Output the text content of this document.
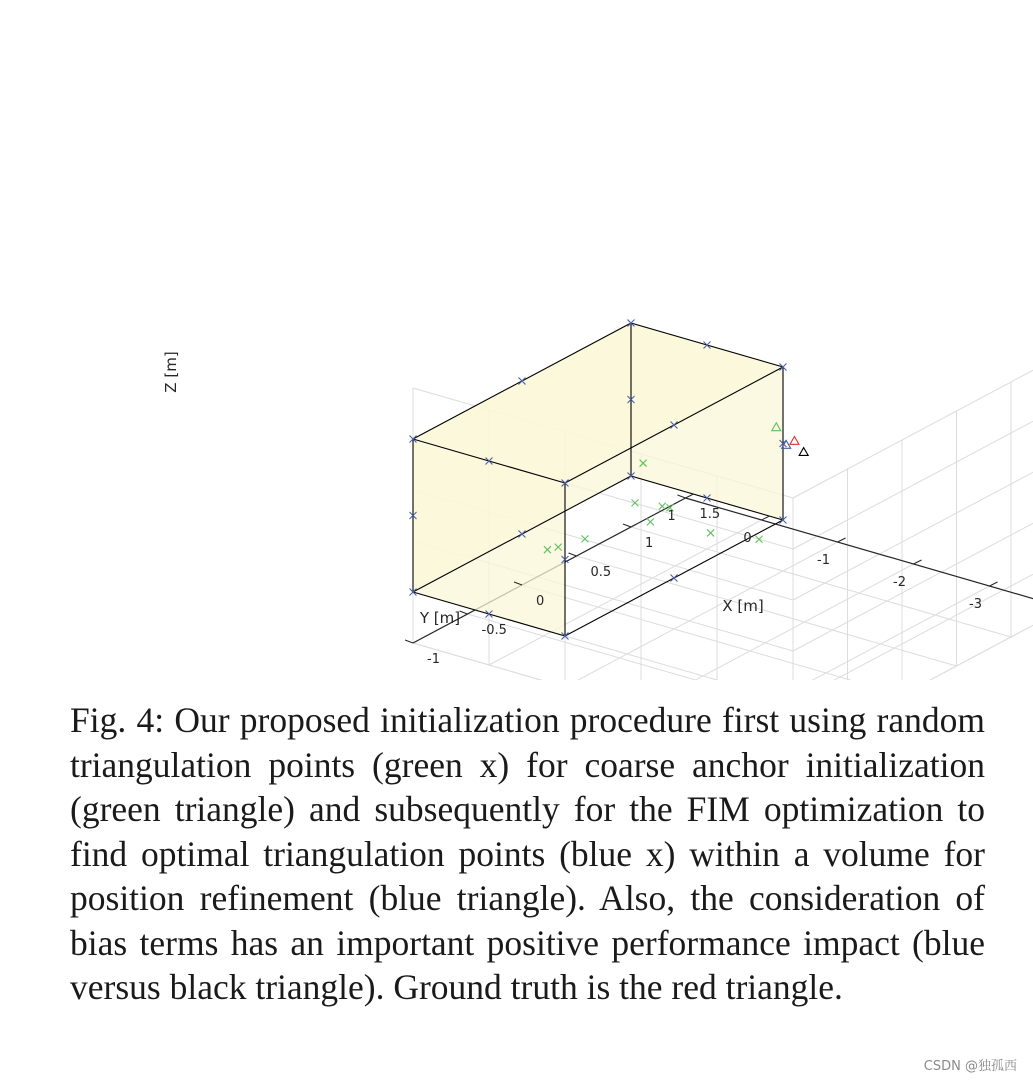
-3
-2
-1
0
1
-1
-0.5
0
0.5
1
1.5
Z [m]
Y [m]
X [m]

Fig. 4: Our proposed initialization procedure first using random triangulation points (green x) for coarse anchor initialization (green triangle) and subsequently for the FIM optimization to find optimal triangulation points (blue x) within a volume for position refinement (blue triangle). Also, the consideration of bias terms has an important positive performance impact (blue versus black triangle). Ground truth is the red triangle.

CSDN @独孤西
